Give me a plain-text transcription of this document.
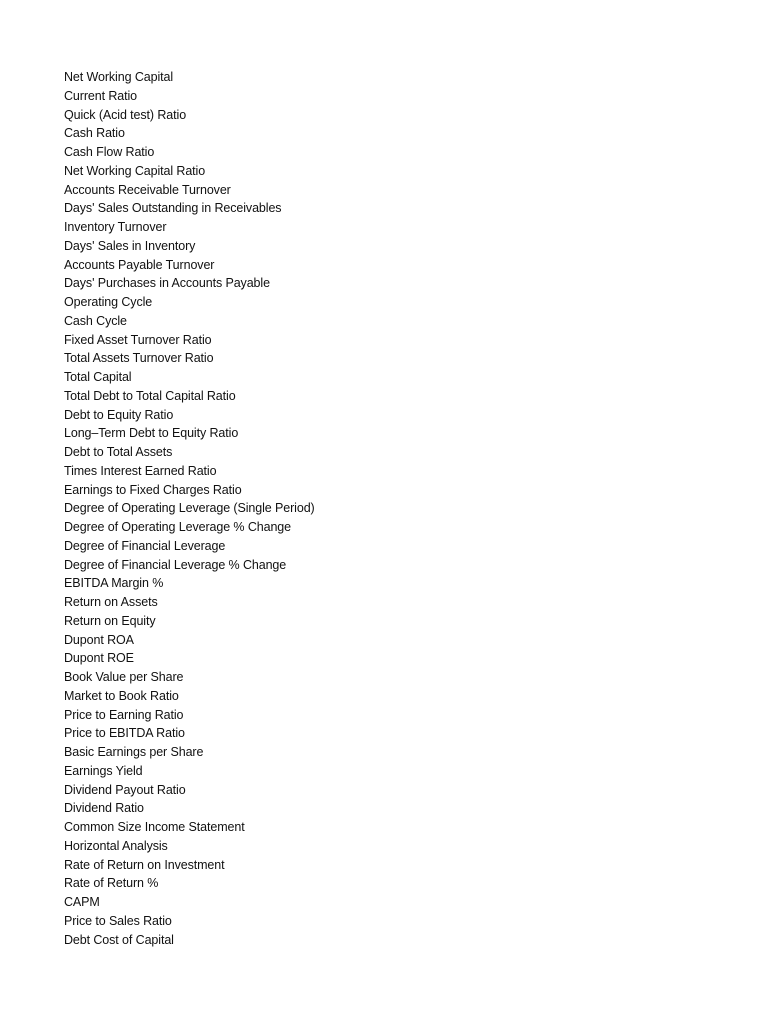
Net Working Capital
Current Ratio
Quick (Acid test) Ratio
Cash Ratio
Cash Flow Ratio
Net Working Capital Ratio
Accounts Receivable Turnover
Days' Sales Outstanding in Receivables
Inventory Turnover
Days' Sales in Inventory
Accounts Payable Turnover
Days' Purchases in Accounts Payable
Operating Cycle
Cash Cycle
Fixed Asset Turnover Ratio
Total Assets Turnover Ratio
Total Capital
Total Debt to Total Capital Ratio
Debt to Equity Ratio
Long–Term Debt to Equity Ratio
Debt to Total Assets
Times Interest Earned Ratio
Earnings to Fixed Charges Ratio
Degree of Operating Leverage (Single Period)
Degree of Operating Leverage % Change
Degree of Financial Leverage
Degree of Financial Leverage % Change
EBITDA Margin %
Return on Assets
Return on Equity
Dupont ROA
Dupont ROE
Book Value per Share
Market to Book Ratio
Price to Earning Ratio
Price to EBITDA Ratio
Basic Earnings per Share
Earnings Yield
Dividend Payout Ratio
Dividend Ratio
Common Size Income Statement
Horizontal Analysis
Rate of Return on Investment
Rate of Return %
CAPM
Price to Sales Ratio
Debt Cost of Capital
